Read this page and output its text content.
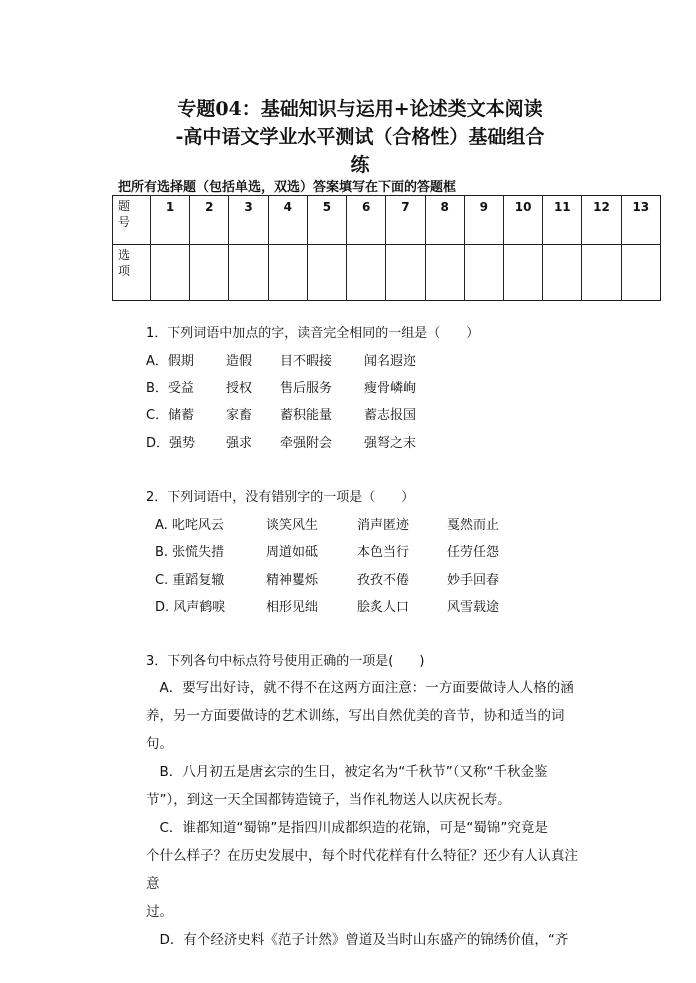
专题04：基础知识与运用+论述类文本阅读
-高中语文学业水平测试（合格性）基础组合
练
把所有选择题（包括单选，双选）答案填写在下面的答题框
题
号	1	2	3	4	5	6	7	8	9	10	11	12	13

选
项													

1．下列词语中加点的字，读音完全相同的一组是（　　）
A．假期 造假 目不暇接 闻名遐迩
B．受益 授权 售后服务 瘦骨嶙峋
C．储蓄 家畜 蓄积能量 蓄志报国
D．强势 强求 牵强附会 强弩之末
2．下列词语中，没有错别字的一项是（　　）
A. 叱咤风云	谈笑风生	消声匿迹	戛然而止
B. 张慌失措	周道如砥	本色当行	任劳任怨
C. 重蹈复辙	精神矍烁	孜孜不倦	妙手回春
D. 风声鹤唳	相形见绌	脍炙人口	风雪载途
3．下列各句中标点符号使用正确的一项是(　　)

　A．要写出好诗，就不得不在这两方面注意：一方面要做诗人人格的涵

养，另一方面要做诗的艺术训练，写出自然优美的音节，协和适当的词句。

　B．八月初五是唐玄宗的生日，被定名为“千秋节”（又称“千秋金鉴

节”），到这一天全国都铸造镜子，当作礼物送人以庆祝长寿。

　C．谁都知道“蜀锦”是指四川成都织造的花锦，可是“蜀锦”究竟是

个什么样子？在历史发展中，每个时代花样有什么特征？还少有人认真注意

过。

　D．有个经济史料《范子计然》曾道及当时山东盛产的锦绣价值，“齐
